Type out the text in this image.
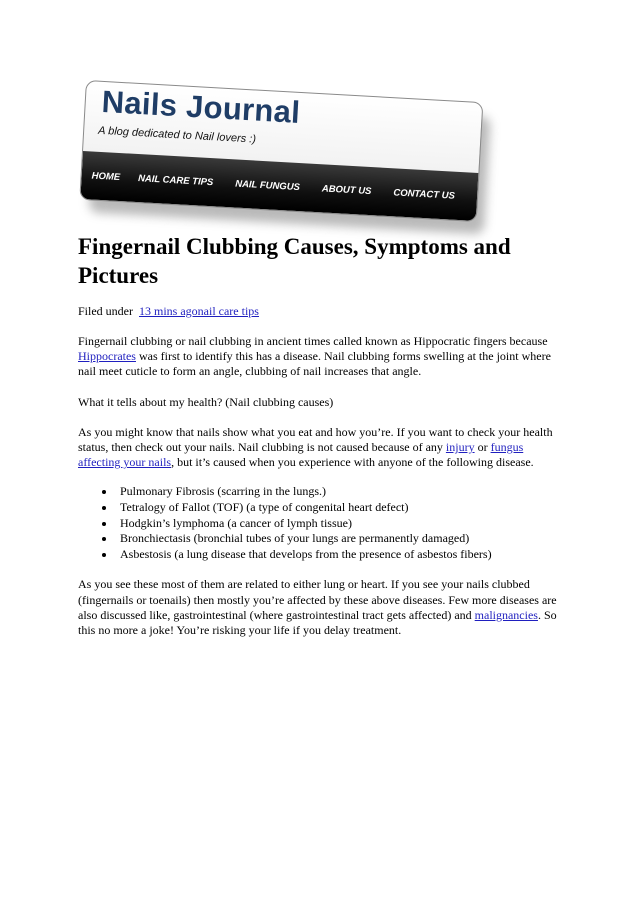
Nails Journal
A blog dedicated to Nail lovers :)
HOME NAIL CARE TIPS NAIL FUNGUS ABOUT US CONTACT US
Fingernail Clubbing Causes, Symptoms and Pictures
Filed under 13 mins agonail care tips

Fingernail clubbing or nail clubbing in ancient times called known as Hippocratic fingers because Hippocrates was first to identify this has a disease. Nail clubbing forms swelling at the joint where nail meet cuticle to form an angle, clubbing of nail increases that angle.

What it tells about my health? (Nail clubbing causes)

As you might know that nails show what you eat and how you’re. If you want to check your health status, then check out your nails. Nail clubbing is not caused because of any injury or fungus affecting your nails, but it’s caused when you experience with anyone of the following disease.

• Pulmonary Fibrosis (scarring in the lungs.)
• Tetralogy of Fallot (TOF) (a type of congenital heart defect)
• Hodgkin’s lymphoma (a cancer of lymph tissue)
• Bronchiectasis (bronchial tubes of your lungs are permanently damaged)
• Asbestosis (a lung disease that develops from the presence of asbestos fibers)

As you see these most of them are related to either lung or heart. If you see your nails clubbed (fingernails or toenails) then mostly you’re affected by these above diseases. Few more diseases are also discussed like, gastrointestinal (where gastrointestinal tract gets affected) and malignancies. So this no more a joke! You’re risking your life if you delay treatment.
